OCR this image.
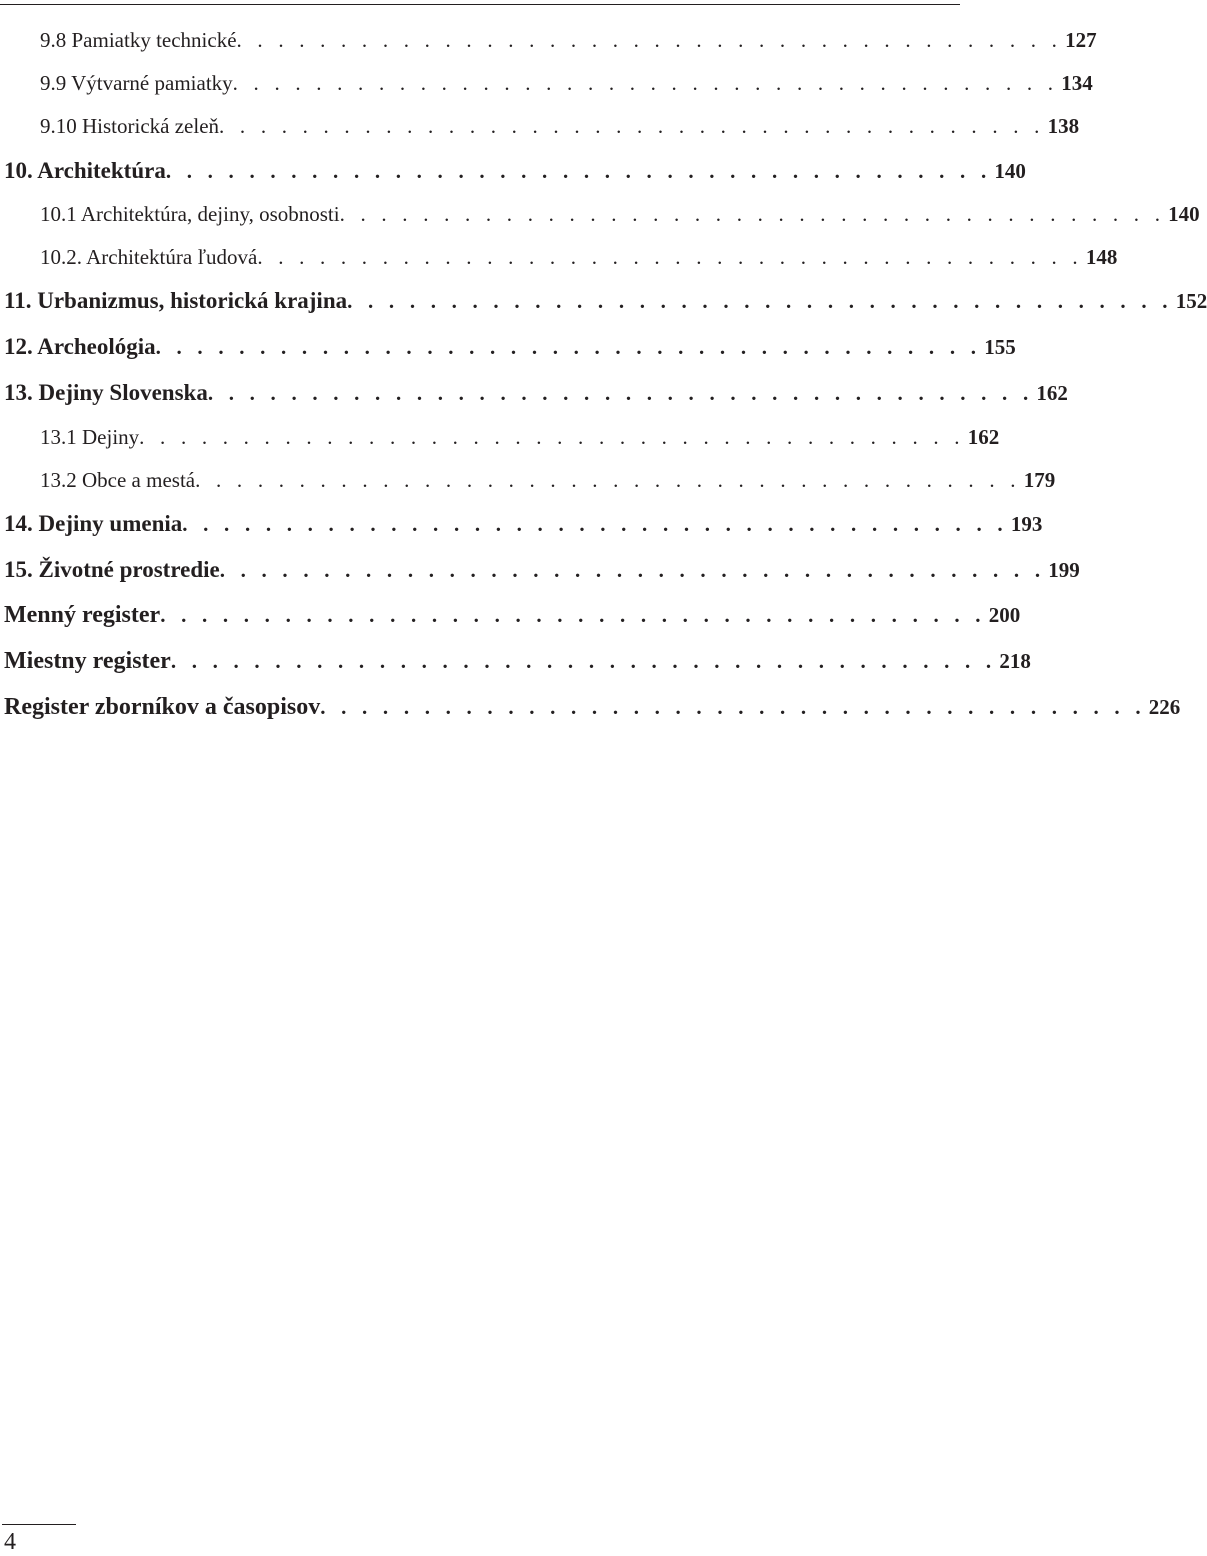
9.8 Pamiatky technické . . . . . . . . . . . . . . . . . . . . . . . . . . . . . . . . . . . . . . . . 127
9.9 Výtvarné pamiatky . . . . . . . . . . . . . . . . . . . . . . . . . . . . . . . . . . . . . . . . 134
9.10 Historická zeleň . . . . . . . . . . . . . . . . . . . . . . . . . . . . . . . . . . . . . . . . 138
10. Architektúra . . . . . . . . . . . . . . . . . . . . . . . . . . . . . . . . . . . . . . . . 140
10.1 Architektúra, dejiny, osobnosti . . . . . . . . . . . . . . . . . . . . . . . . . . . . . . . . . . . . . . . . 140
10.2. Architektúra ľudová . . . . . . . . . . . . . . . . . . . . . . . . . . . . . . . . . . . . . . . . 148
11. Urbanizmus, historická krajina . . . . . . . . . . . . . . . . . . . . . . . . . . . . . . . . . . . . . . . . 152
12. Archeológia . . . . . . . . . . . . . . . . . . . . . . . . . . . . . . . . . . . . . . . . 155
13. Dejiny Slovenska . . . . . . . . . . . . . . . . . . . . . . . . . . . . . . . . . . . . . . . . 162
13.1 Dejiny . . . . . . . . . . . . . . . . . . . . . . . . . . . . . . . . . . . . . . . . 162
13.2 Obce a mestá . . . . . . . . . . . . . . . . . . . . . . . . . . . . . . . . . . . . . . . . 179
14. Dejiny umenia . . . . . . . . . . . . . . . . . . . . . . . . . . . . . . . . . . . . . . . . 193
15. Životné prostredie . . . . . . . . . . . . . . . . . . . . . . . . . . . . . . . . . . . . . . . . 199
Menný register . . . . . . . . . . . . . . . . . . . . . . . . . . . . . . . . . . . . . . . . 200
Miestny register . . . . . . . . . . . . . . . . . . . . . . . . . . . . . . . . . . . . . . . . 218
Register zborníkov a časopisov . . . . . . . . . . . . . . . . . . . . . . . . . . . . . . . . . . . . . . . . 226
4
